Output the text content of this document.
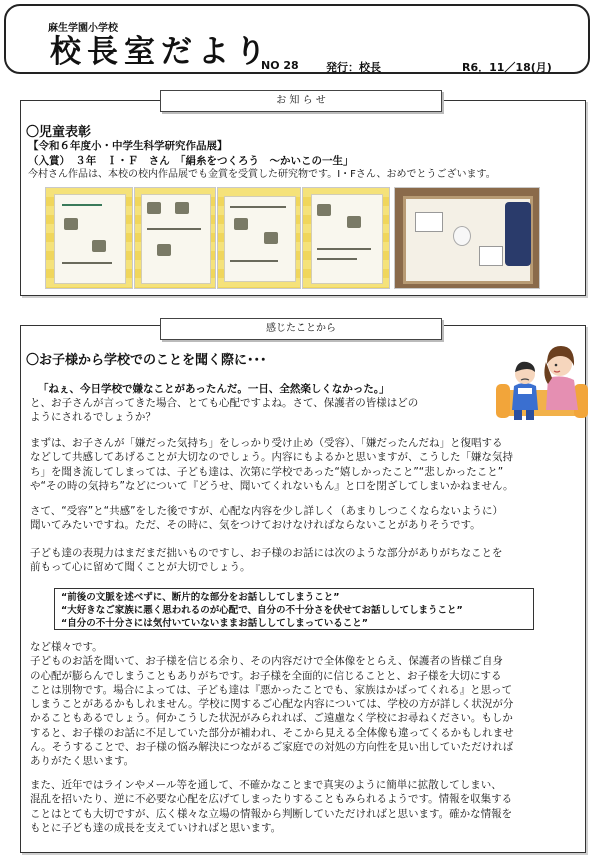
麻生学園小学校
校長室だより
NO 28 発行：校長	R6．11／18(月)
お 知 ら せ
〇児童表彰
【令和６年度小・中学生科学研究作品展】
（入賞）　３年　Ｉ・Ｆ　さん　「絹糸をつくろう　～かいこの一生」
今村さん作品は、本校の校内作品展でも金賞を受賞した研究物です。I・Fさん、おめでとうございます。
感じたことから
〇お子様から学校でのことを聞く際に･･･
「ねぇ、今日学校で嫌なことがあったんだ。一日、全然楽しくなかった。」
と、お子さんが言ってきた場合、とても心配ですよね。さて、保護者の皆様はどの
ようにされるでしょうか？
まずは、お子さんが「嫌だった気持ち」をしっかり受け止め（受容）、「嫌だったんだね」と復唱する
などして共感してあげることが大切なのでしょう。内容にもよるかと思いますが、こうした「嫌な気持
ち」を聞き流してしまっては、子ども達は、次第に学校であった“嬉しかったこと”“悲しかったこと”
や“その時の気持ち”などについて『どうせ、聞いてくれないもん』と口を閉ざしてしまいかねません。
さて、“受容”と“共感”をした後ですが、心配な内容を少し詳しく（あまりしつこくならないように）
聞いてみたいですね。ただ、その時に、気をつけておけなければならないことがありそうです。
子ども達の表現力はまだまだ拙いものですし、お子様のお話には次のような部分がありがちなことを
前もって心に留めて聞くことが大切でしょう。
“前後の文脈を述べずに、断片的な部分をお話ししてしまうこと”
“大好きなご家族に悪く思われるのが心配で、自分の不十分さを伏せてお話ししてしまうこと”
“自分の不十分さには気付いていないままお話ししてしまっていること”
など様々です。
子どものお話を聞いて、お子様を信じる余り、その内容だけで全体像をとらえ、保護者の皆様ご自身
の心配が膨らんでしまうこともありがちです。お子様を全面的に信じることと、お子様を大切にする
ことは別物です。場合によっては、子ども達は『悪かったことでも、家族はかばってくれる』と思って
しまうことがあるかもしれません。学校に関するご心配な内容については、学校の方が詳しく状況が分
かることもあるでしょう。何かこうした状況がみられれば、ご遠慮なく学校にお尋ねください。もしか
すると、お子様のお話に不足していた部分が補われ、そこから見える全体像も違ってくるかもしれませ
ん。そうすることで、お子様の悩み解決につながるご家庭での対処の方向性を見い出していただければ
ありがたく思います。
また、近年ではラインやメール等を通して、不確かなことまで真実のように簡単に拡散してしまい、
混乱を招いたり、逆に不必要な心配を広げてしまったりすることもみられるようです。情報を収集する
ことはとても大切ですが、広く様々な立場の情報から判断していただければと思います。確かな情報を
もとに子ども達の成長を支えていければと思います。
